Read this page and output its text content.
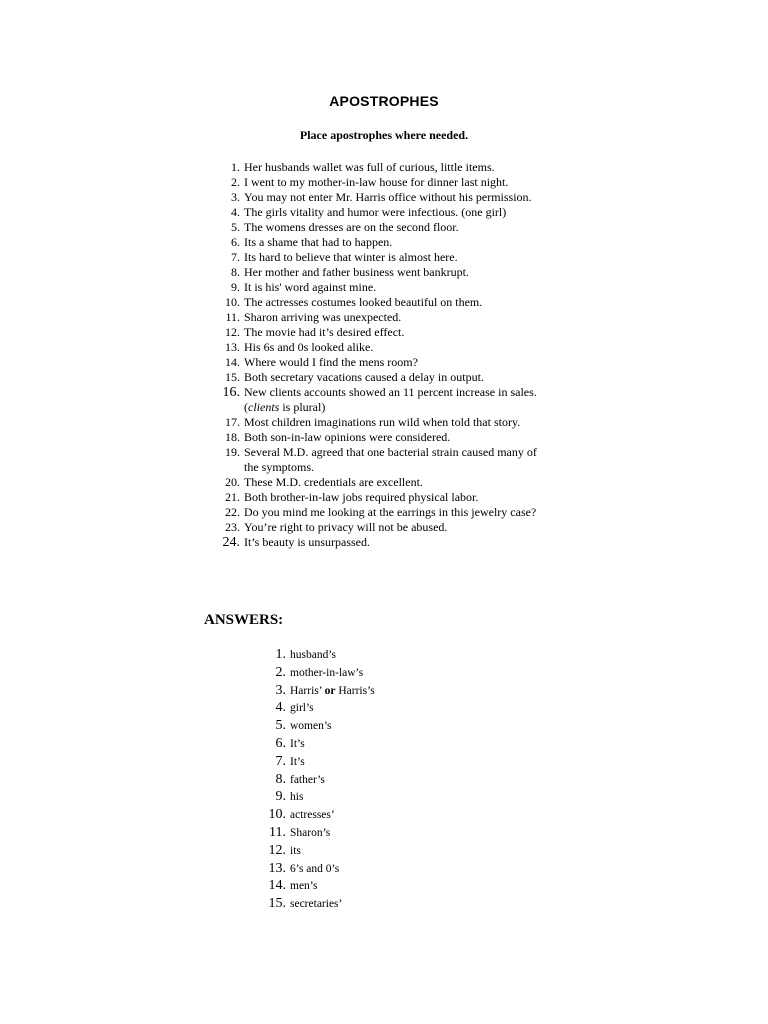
APOSTROPHES
Place apostrophes where needed.
1. Her husbands wallet was full of curious, little items.
2. I went to my mother-in-law house for dinner last night.
3. You may not enter Mr. Harris office without his permission.
4. The girls vitality and humor were infectious. (one girl)
5. The womens dresses are on the second floor.
6. Its a shame that had to happen.
7. Its hard to believe that winter is almost here.
8. Her mother and father business went bankrupt.
9. It is his' word against mine.
10. The actresses costumes looked beautiful on them.
11. Sharon arriving was unexpected.
12. The movie had it’s desired effect.
13. His 6s and 0s looked alike.
14. Where would I find the mens room?
15. Both secretary vacations caused a delay in output.
16. New clients accounts showed an 11 percent increase in sales.
(clients is plural)
17. Most children imaginations run wild when told that story.
18. Both son-in-law opinions were considered.
19. Several M.D. agreed that one bacterial strain caused many of
the symptoms.
20. These M.D. credentials are excellent.
21. Both brother-in-law jobs required physical labor.
22. Do you mind me looking at the earrings in this jewelry case?
23. You’re right to privacy will not be abused.
24. It’s beauty is unsurpassed.
ANSWERS:
1. husband’s
2. mother-in-law’s
3. Harris’ or Harris’s
4. girl’s
5. women’s
6. It’s
7. It’s
8. father’s
9. his
10. actresses’
11. Sharon’s
12. its
13. 6’s and 0’s
14. men’s
15. secretaries’
